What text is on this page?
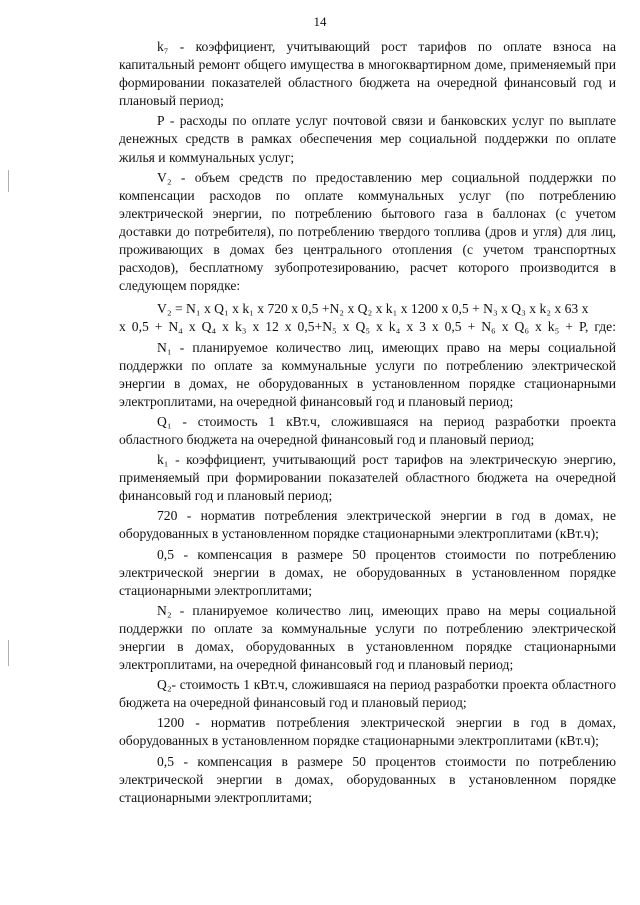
14

k₇ - коэффициент, учитывающий рост тарифов по оплате взноса на капитальный ремонт общего имущества в многоквартирном доме, применяемый при формировании показателей областного бюджета на очередной финансовый год и плановый период;

Р - расходы по оплате услуг почтовой связи и банковских услуг по выплате денежных средств в рамках обеспечения мер социальной поддержки по оплате жилья и коммунальных услуг;

V₂ - объем средств по предоставлению мер социальной поддержки по компенсации расходов по оплате коммунальных услуг (по потреблению электрической энергии, по потреблению бытового газа в баллонах (с учетом доставки до потребителя), по потреблению твердого топлива (дров и угля) для лиц, проживающих в домах без центрального отопления (с учетом транспортных расходов), бесплатному зубопротезированию, расчет которого производится в следующем порядке:

V₂ = N₁ x Q₁ x k₁ x 720 x 0,5 +N₂ x Q₂ x k₁ x 1200 x 0,5 + N₃ x Q₃ x k₂ x 63 x
x 0,5 + N₄ x Q₄ x k₃ x 12 x 0,5+N₅ x Q₅ x k₄ x 3 x 0,5 + N₆ x Q₆ x k₅ + P, где:

N₁ - планируемое количество лиц, имеющих право на меры социальной поддержки по оплате за коммунальные услуги по потреблению электрической энергии в домах, не оборудованных в установленном порядке стационарными электроплитами, на очередной финансовый год и плановый период;

Q₁ - стоимость 1 кВт.ч, сложившаяся на период разработки проекта областного бюджета на очередной финансовый год и плановый период;

k₁ - коэффициент, учитывающий рост тарифов на электрическую энергию, применяемый при формировании показателей областного бюджета на очередной финансовый год и плановый период;

720 - норматив потребления электрической энергии в год в домах, не оборудованных в установленном порядке стационарными электроплитами (кВт.ч);

0,5 - компенсация в размере 50 процентов стоимости по потреблению электрической энергии в домах, не оборудованных в установленном порядке стационарными электроплитами;

N₂ - планируемое количество лиц, имеющих право на меры социальной поддержки по оплате за коммунальные услуги по потреблению электрической энергии в домах, оборудованных в установленном порядке стационарными электроплитами, на очередной финансовый год и плановый период;

Q₂- стоимость 1 кВт.ч, сложившаяся на период разработки проекта областного бюджета на очередной финансовый год и плановый период;

1200 - норматив потребления электрической энергии в год в домах, оборудованных в установленном порядке стационарными электроплитами (кВт.ч);

0,5 - компенсация в размере 50 процентов стоимости по потреблению электрической энергии в домах, оборудованных в установленном порядке стационарными электроплитами;
